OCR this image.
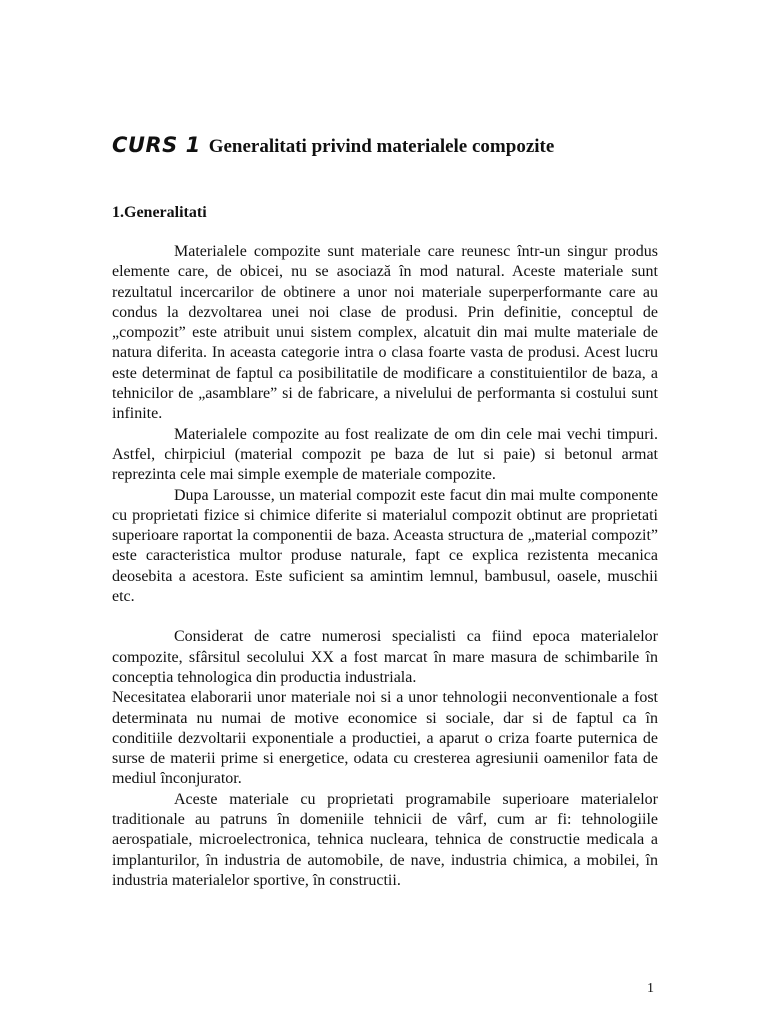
CURS 1 Generalitati privind materialele compozite
1.Generalitati

Materialele compozite sunt materiale care reunesc într-un singur produs elemente care, de obicei, nu se asociază în mod natural. Aceste materiale sunt rezultatul incercarilor de obtinere a unor noi materiale superperformante care au condus la dezvoltarea unei noi clase de produsi. Prin definitie, conceptul de „compozit” este atribuit unui sistem complex, alcatuit din mai multe materiale de natura diferita. In aceasta categorie intra o clasa foarte vasta de produsi. Acest lucru este determinat de faptul ca posibilitatile de modificare a constituientilor de baza, a tehnicilor de „asamblare” si de fabricare, a nivelului de performanta si costului sunt infinite.

Materialele compozite au fost realizate de om din cele mai vechi timpuri. Astfel, chirpiciul (material compozit pe baza de lut si paie) si betonul armat reprezinta cele mai simple exemple de materiale compozite.

Dupa Larousse, un material compozit este facut din mai multe componente cu proprietati fizice si chimice diferite si materialul compozit obtinut are proprietati superioare raportat la componentii de baza. Aceasta structura de „material compozit” este caracteristica multor produse naturale, fapt ce explica rezistenta mecanica deosebita a acestora. Este suficient sa amintim lemnul, bambusul, oasele, muschii etc.

Considerat de catre numerosi specialisti ca fiind epoca materialelor compozite, sfârsitul secolului XX a fost marcat în mare masura de schimbarile în conceptia tehnologica din productia industriala.

Necesitatea elaborarii unor materiale noi si a unor tehnologii neconventionale a fost determinata nu numai de motive economice si sociale, dar si de faptul ca în conditiile dezvoltarii exponentiale a productiei, a aparut o criza foarte puternica de surse de materii prime si energetice, odata cu cresterea agresiunii oamenilor fata de mediul înconjurator.

Aceste materiale cu proprietati programabile superioare materialelor traditionale au patruns în domeniile tehnicii de vârf, cum ar fi: tehnologiile aerospatiale, microelectronica, tehnica nucleara, tehnica de constructie medicala a implanturilor, în industria de automobile, de nave, industria chimica, a mobilei, în industria materialelor sportive, în constructii.

1
